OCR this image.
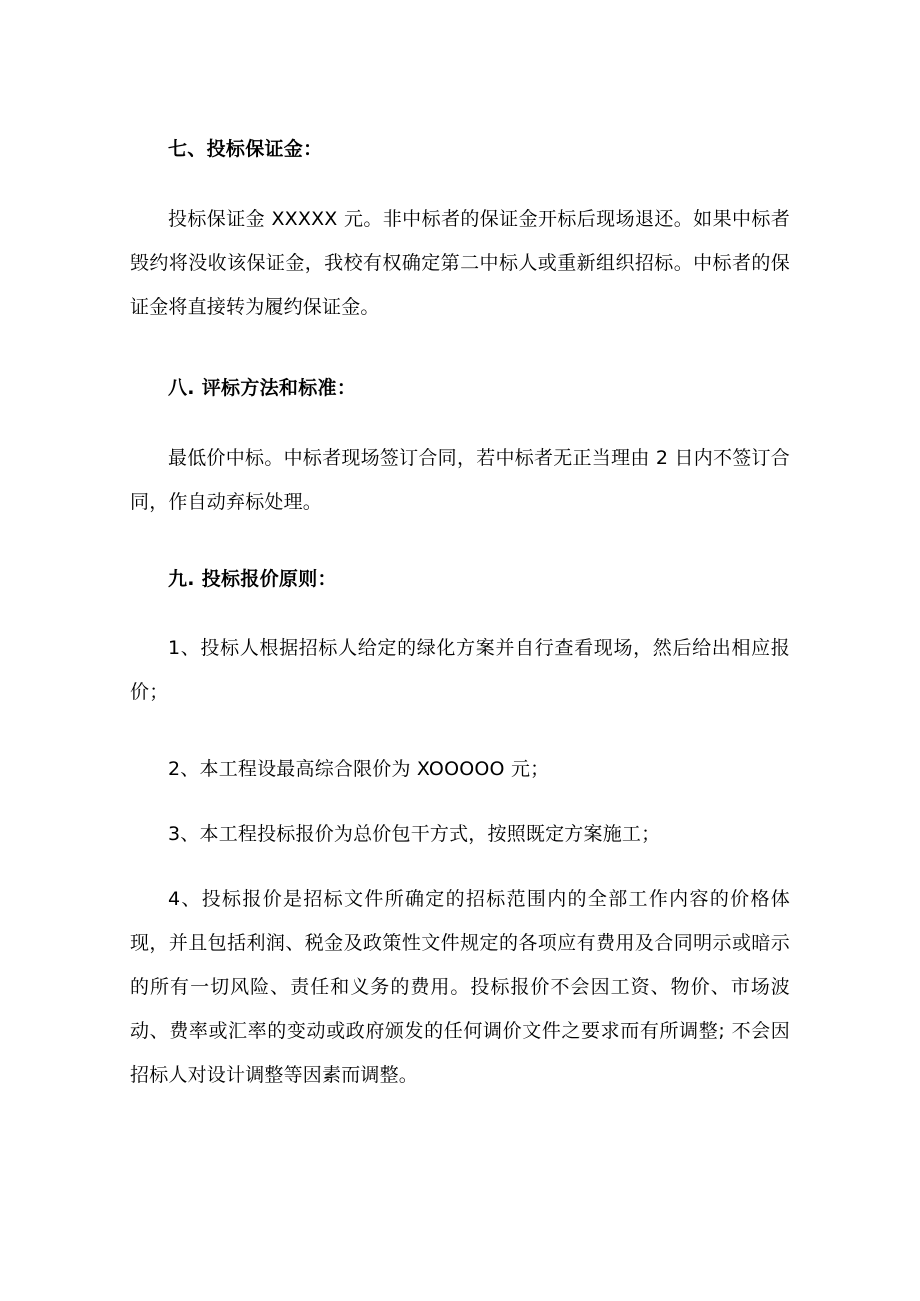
七、投标保证金：

投标保证金 XXXXX 元。非中标者的保证金开标后现场退还。如果中标者毁约将没收该保证金，我校有权确定第二中标人或重新组织招标。中标者的保证金将直接转为履约保证金。

八. 评标方法和标准：

最低价中标。中标者现场签订合同，若中标者无正当理由 2 日内不签订合同，作自动弃标处理。

九. 投标报价原则：

1、投标人根据招标人给定的绿化方案并自行查看现场，然后给出相应报价；

2、本工程设最高综合限价为 XOOOOO 元；

3、本工程投标报价为总价包干方式，按照既定方案施工；

4、投标报价是招标文件所确定的招标范围内的全部工作内容的价格体现，并且包括利润、税金及政策性文件规定的各项应有费用及合同明示或暗示的所有一切风险、责任和义务的费用。投标报价不会因工资、物价、市场波动、费率或汇率的变动或政府颁发的任何调价文件之要求而有所调整; 不会因招标人对设计调整等因素而调整。
